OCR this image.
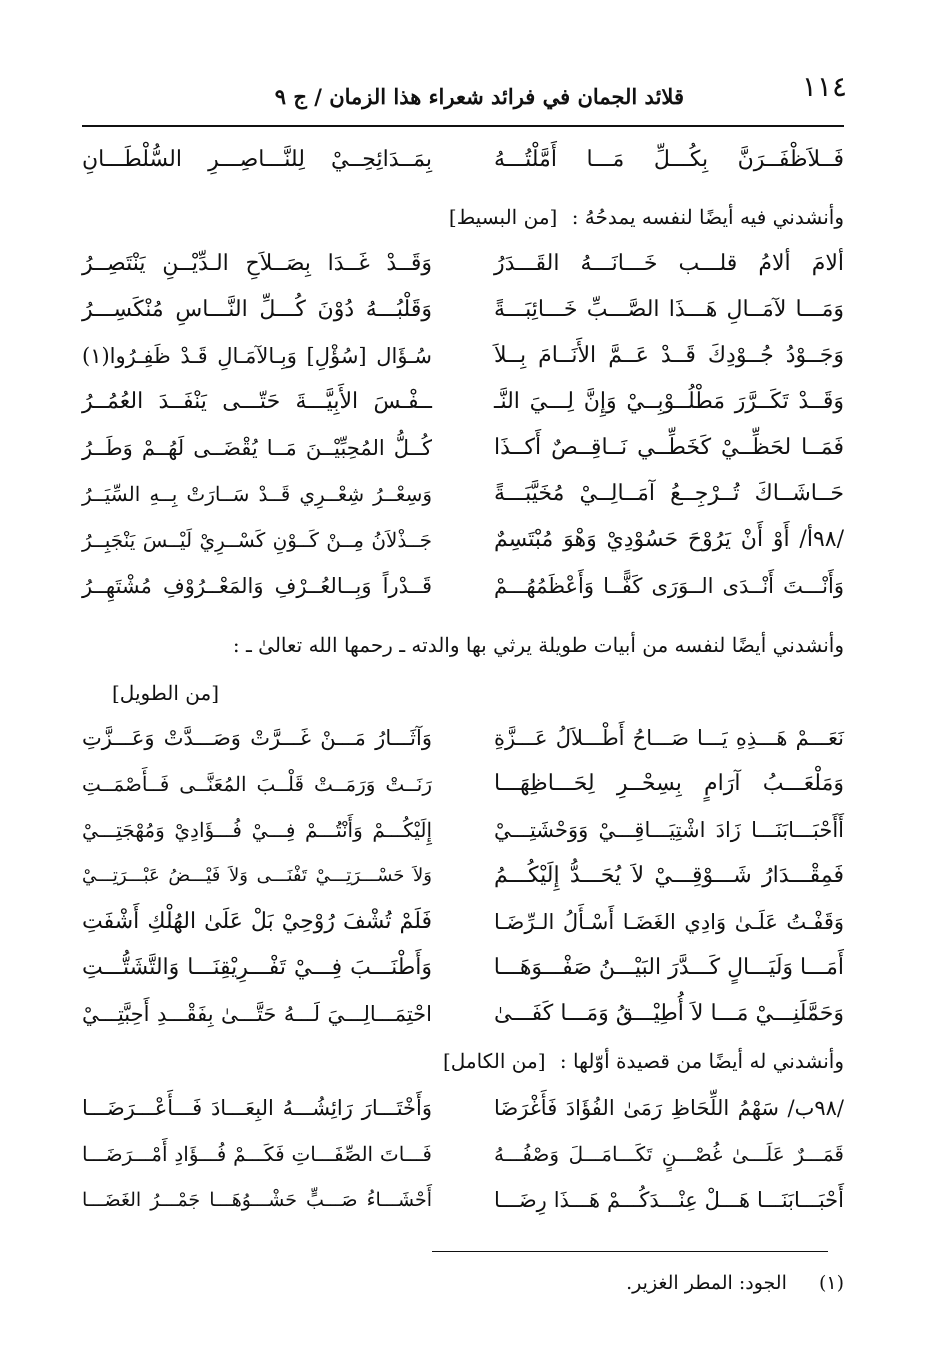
١١٤
قلائد الجمان في فرائد شعراء هذا الزمان / ج ٩
فَــلاَظْفَــرَنَّ بِكُـــلِّ مَـــا أَمَّلْتُـــهُ
بِمَــدَائِحِــيْ لِلنَّـــاصِـــرِ السُّلْطَـــانِ
وأنشدني فيه أيضًا لنفسه يمدحُهُ : [من البسيط]
ألامَ ألامُ قلـــب خَـــانَـــهُ القَـــدَرُ
وَقَــدْ غَــدَا بِصَــلاَحِ الـدِّيْــنِ يَنْتَصِــرُ
وَمَـــا لآمَــالِ هَـــذَا الصَّـــبِّ خَـــائِبَـــةً
وَقَلْبُـــهُ دُوْنَ كُـــلِّ النَّـــاسِ مُنْكَسِـــرُ
وَجَــوْدُ جُــوْدِكَ قَــدْ عَــمَّ الأَنَــامَ بِــلاَ
سُـؤَال [سُؤْلِ] وَبِـالآمَـالِ قَـدْ ظَفِـرُوا(١)
وَقَــدْ تَكَــرَّرَ مَطْلُــوْبِــيْ وَإِنَّ لِـــيَ النَّـ
ــفْـسَ الأَبِيَّـــةَ حَتّـــى يَنْفَــدَ العُمُــرُ
فَمَــا لحَظِّــيْ كَخَطِّــي نَــاقِــصٌ أَكــذَا
كُــلُّ المُحِبِّيْــنَ مَــا يُقْضَــى لَهُــمْ وَطَــرُ
حَــاشَــاكَ تُــرْجِــعُ آمَــالِــيْ مُخَيَّبَـــةً
وَسِعْــرُ شِعْــرِي قَــدْ سَــارَتْ بِــهِ السِّيَــرُ
/٩٨أ/ أَوْ أَنْ يَرُوْحَ حَسُوْدِيْ وَهْوَ مُبْتَسِمٌ
جَــذْلاَنُ مِــنْ كَــوْنِ كَسْــرِيْ لَيْــسَ يَنْجَبِــرُ
وَأَنْـــتَ أَنْــدَى الــوَرَى كَفًّــا وَأَعْظَمُهُـــمْ
قَــدْراً وَبِــالعُــرْفِ وَالمَعْــرُوْفِ مُشْتَهِــرُ
وأنشدني أيضًا لنفسه من أبيات طويلة يرثي بها والدته ـ رحمها الله تعالىٰ ـ :
[من الطويل]
نَعَـــمْ هَـــذِهِ يَـــا صَـــاحُ أَطْـــلاَلُ عَـــزَّةِ
وَآثَـــارُ مَـــنْ غَـــرَّتْ وَصَـــدَّتْ وَعَـــزَّتِ
وَمَلْعَـــبُ آرَامٍ بِسِحْــرِ لِحَـــاظِهَـــا
رَنَــتْ وَرَمَــتْ قَلْــبَ المُعَنَّــى فَــأَصْمَــتِ
أَأَحْبَـــابَنَـــا زَادَ اشْتِيَـــاقِـــيْ وَوَحْشَتِـــيْ
إِلَيْكُـــمْ وَأَنْتُـــمْ فِـــيْ فُـــؤَادِيْ وَمُهْجَتِـــيْ
فَمِقْـــدَارُ شَـــوْقِـــيْ لاَ يُحَـــدُّ إِلَيْكُـــمُ
وَلاَ حَسْـــرَتِـــيْ تَفْنَـــى وَلاَ فَيْـــضُ عَبْـــرَتِـــيْ
وَقَفْـتُ عَلَـىٰ وَادِي الغَضَـا أَسْـأَلُ الـرِّضَـا
فَلَمْ تُشْفَ رُوْحِيْ بَلْ عَلَىٰ الهُلْكِ أَشْفَتِ
أَمَـــا وَلَيَـــالٍ كَـــدَّرَ البَيْـــنُ صَفْـــوَهَـــا
وَأَطْنَـــبَ فِـــيْ تَفْـــرِيْقِنَـــا وَالتَّشَتُّـــتِ
وَحَمَّلَنِـــيْ مَـــا لاَ أُطِيْـــقُ وَمَـــا كَفَـــىٰ
احْتِمَـــالِـــيَ لَـــهُ حَتَّـــىٰ بِفَقْـــدِ أَحِبَّتِـــيْ
وأنشدني له أيضًا من قصيدة أوّلها : [من الكامل]
/٩٨ب/ سَهْمُ اللِّحَاظِ رَمَىٰ الفُؤَادَ فَأَغْرَضَا
وَأَخْتَـــارَ رَائِشُـــهُ البِعَـــادَ فَـــأَعْـــرَضَـــا
قَمَـــرٌ عَلَـــىٰ غُصْـــنٍ تَكَـــامَـــلَ وَصْفُـــهُ
فَـــاتَ الصِّفَـــاتِ فَكَـــمْ فُـــؤَادِ أَمْـــرَضَـــا
أَحْبَـــابَنَـــا هَـــلْ عِنْـــدَكُـــمْ هَـــذَا رِضَـــا
أَحْشَـــاءُ صَـــبٍّ حَشْـــوُهَـــا جَمْـــرُ الغَضَـــا
(١) الجود: المطر الغزير.
